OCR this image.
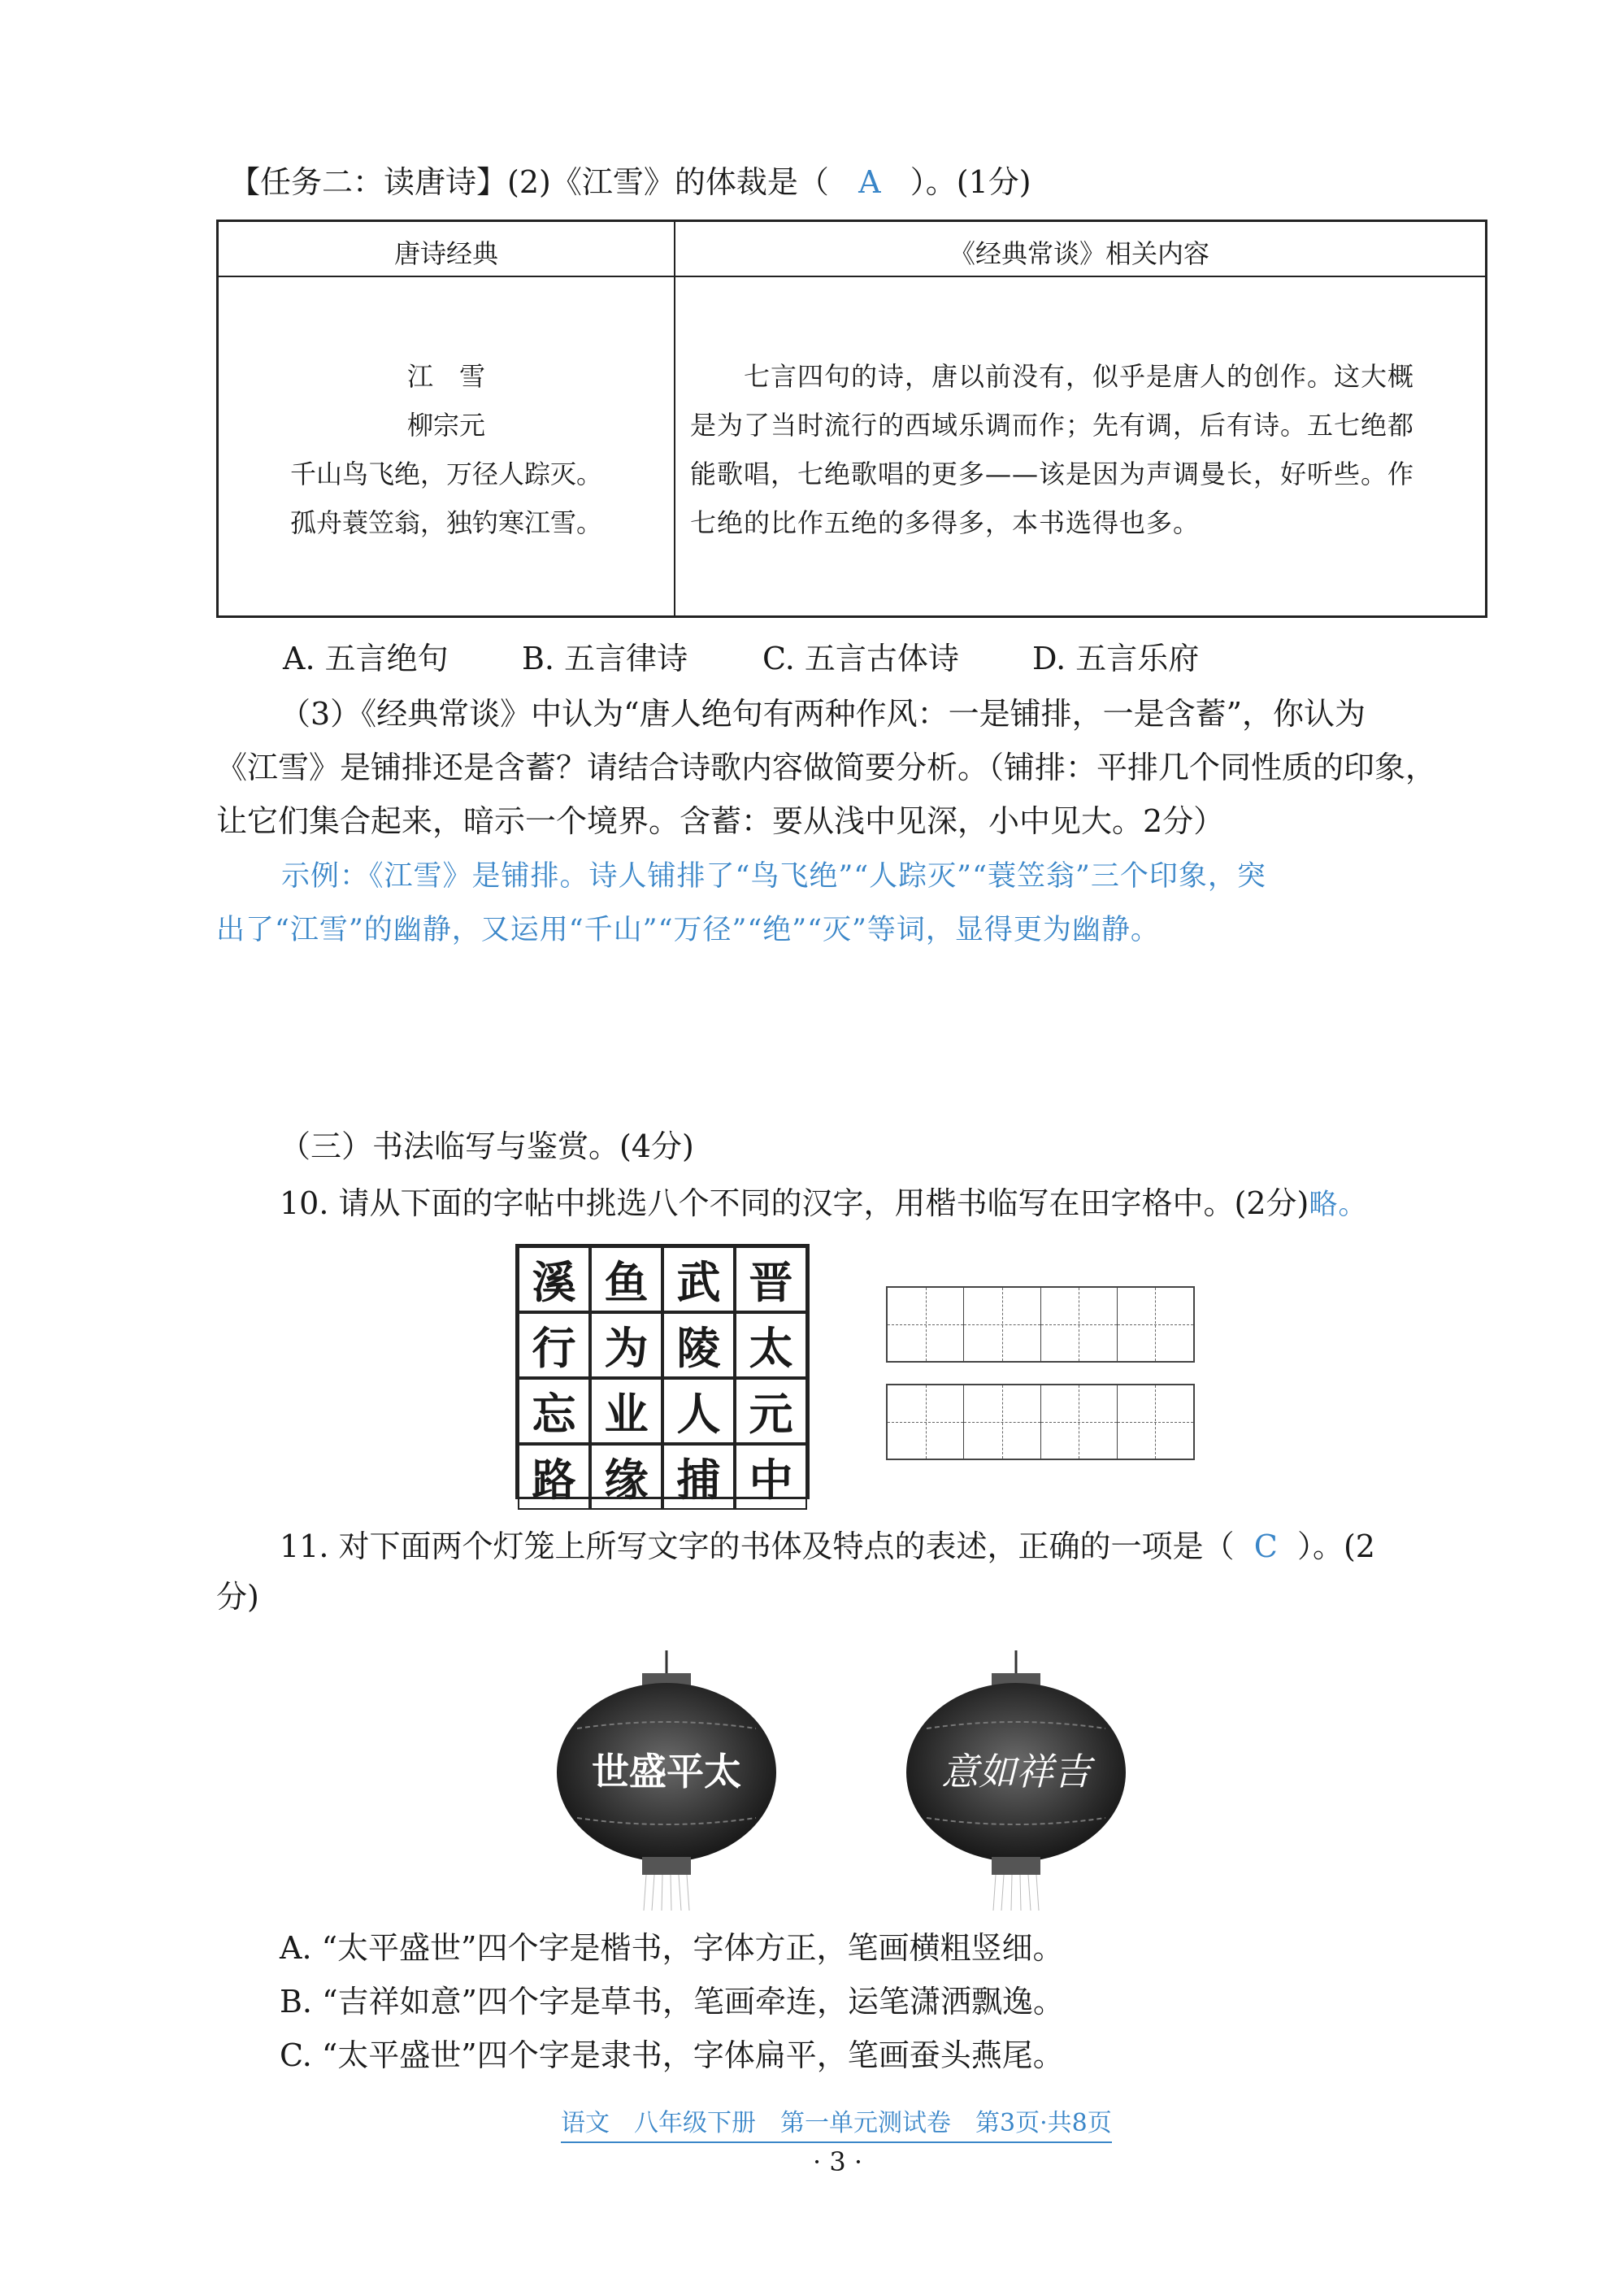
【任务二：读唐诗】(2)《江雪》的体裁是（ A ）。(1分)
唐诗经典	《经典常谈》相关内容
江　雪
柳宗元
千山鸟飞绝，万径人踪灭。
孤舟蓑笠翁，独钓寒江雪。
七言四句的诗，唐以前没有，似乎是唐人的创作。这大概
是为了当时流行的西域乐调而作；先有调，后有诗。五七绝都
能歌唱，七绝歌唱的更多——该是因为声调曼长，好听些。作
七绝的比作五绝的多得多，本书选得也多。
A. 五言绝句 B. 五言律诗 C. 五言古体诗 D. 五言乐府
（3）《经典常谈》中认为“唐人绝句有两种作风：一是铺排，一是含蓄”，你认为
《江雪》是铺排还是含蓄？请结合诗歌内容做简要分析。（铺排：平排几个同性质的印象，
让它们集合起来，暗示一个境界。含蓄：要从浅中见深，小中见大。2分）
示例：《江雪》是铺排。诗人铺排了“鸟飞绝”“人踪灭”“蓑笠翁”三个印象，突
出了“江雪”的幽静，又运用“千山”“万径”“绝”“灭”等词，显得更为幽静。
（三）书法临写与鉴赏。(4分)
10. 请从下面的字帖中挑选八个不同的汉字，用楷书临写在田字格中。(2分)略。
溪 鱼 武 晋
行 为 陵 太
忘 业 人 元
路 缘 捕 中
11. 对下面两个灯笼上所写文字的书体及特点的表述，正确的一项是（ C ）。(2
分)
世盛平太	意如祥吉
A. “太平盛世”四个字是楷书，字体方正，笔画横粗竖细。
B. “吉祥如意”四个字是草书，笔画牵连，运笔潇洒飘逸。
C. “太平盛世”四个字是隶书，字体扁平，笔画蚕头燕尾。
语文　八年级下册　第一单元测试卷　第3页·共8页
· 3 ·
